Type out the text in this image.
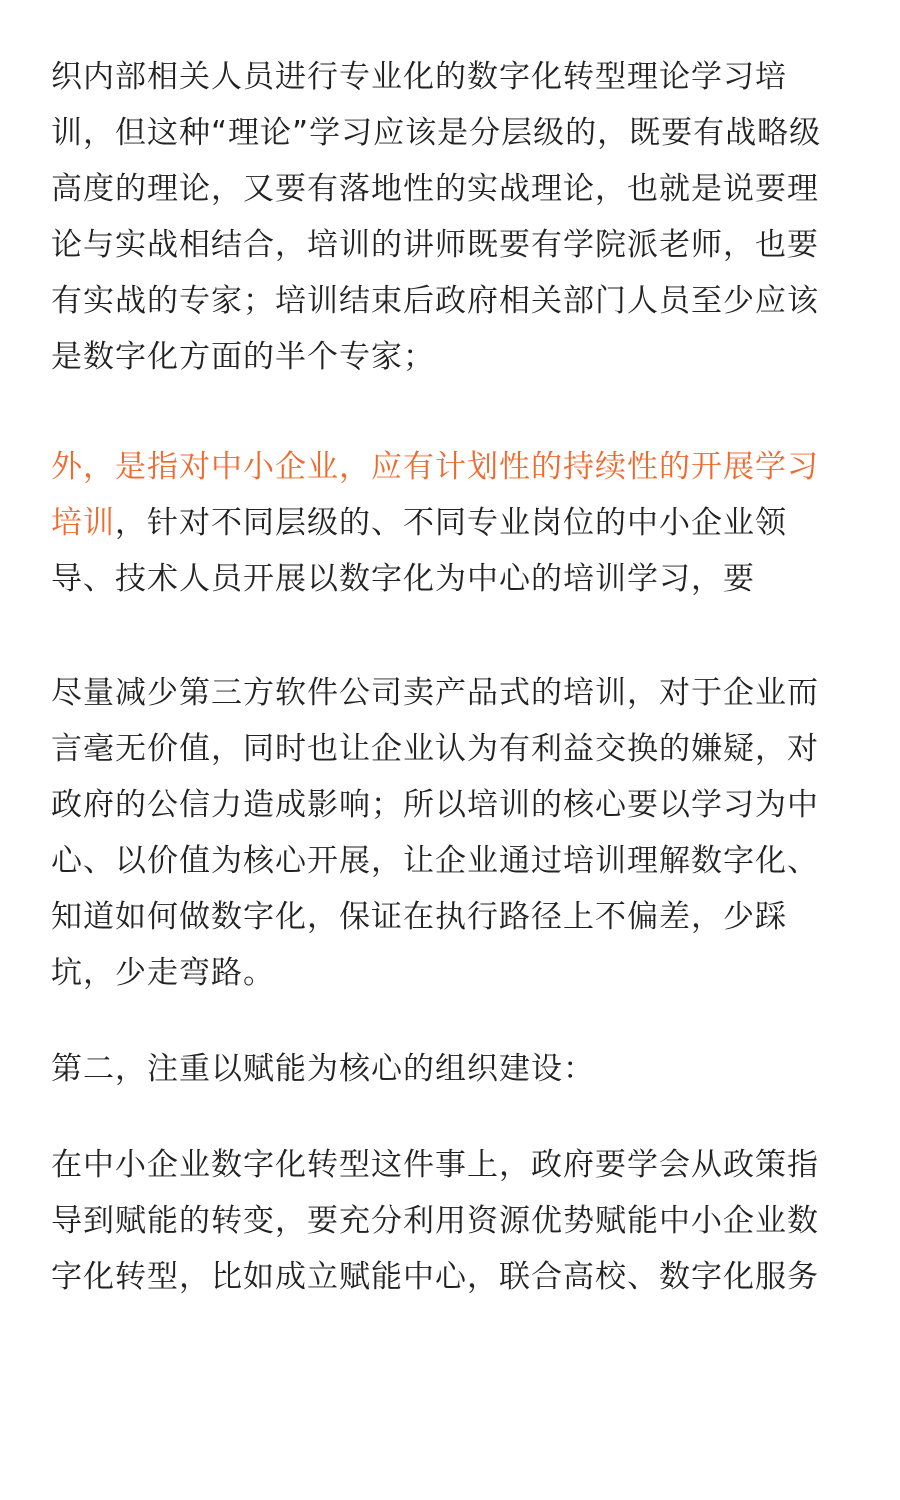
织内部相关人员进行专业化的数字化转型理论学习培
训，但这种“理论”学习应该是分层级的，既要有战略级
高度的理论，又要有落地性的实战理论，也就是说要理
论与实战相结合，培训的讲师既要有学院派老师，也要
有实战的专家；培训结束后政府相关部门人员至少应该
是数字化方面的半个专家；
外，是指对中小企业，应有计划性的持续性的开展学习
培训，针对不同层级的、不同专业岗位的中小企业领
导、技术人员开展以数字化为中心的培训学习，要
尽量减少第三方软件公司卖产品式的培训，对于企业而
言毫无价值，同时也让企业认为有利益交换的嫌疑，对
政府的公信力造成影响；所以培训的核心要以学习为中
心、以价值为核心开展，让企业通过培训理解数字化、
知道如何做数字化，保证在执行路径上不偏差，少踩
坑，少走弯路。
第二，注重以赋能为核心的组织建设：
在中小企业数字化转型这件事上，政府要学会从政策指
导到赋能的转变，要充分利用资源优势赋能中小企业数
字化转型，比如成立赋能中心，联合高校、数字化服务
